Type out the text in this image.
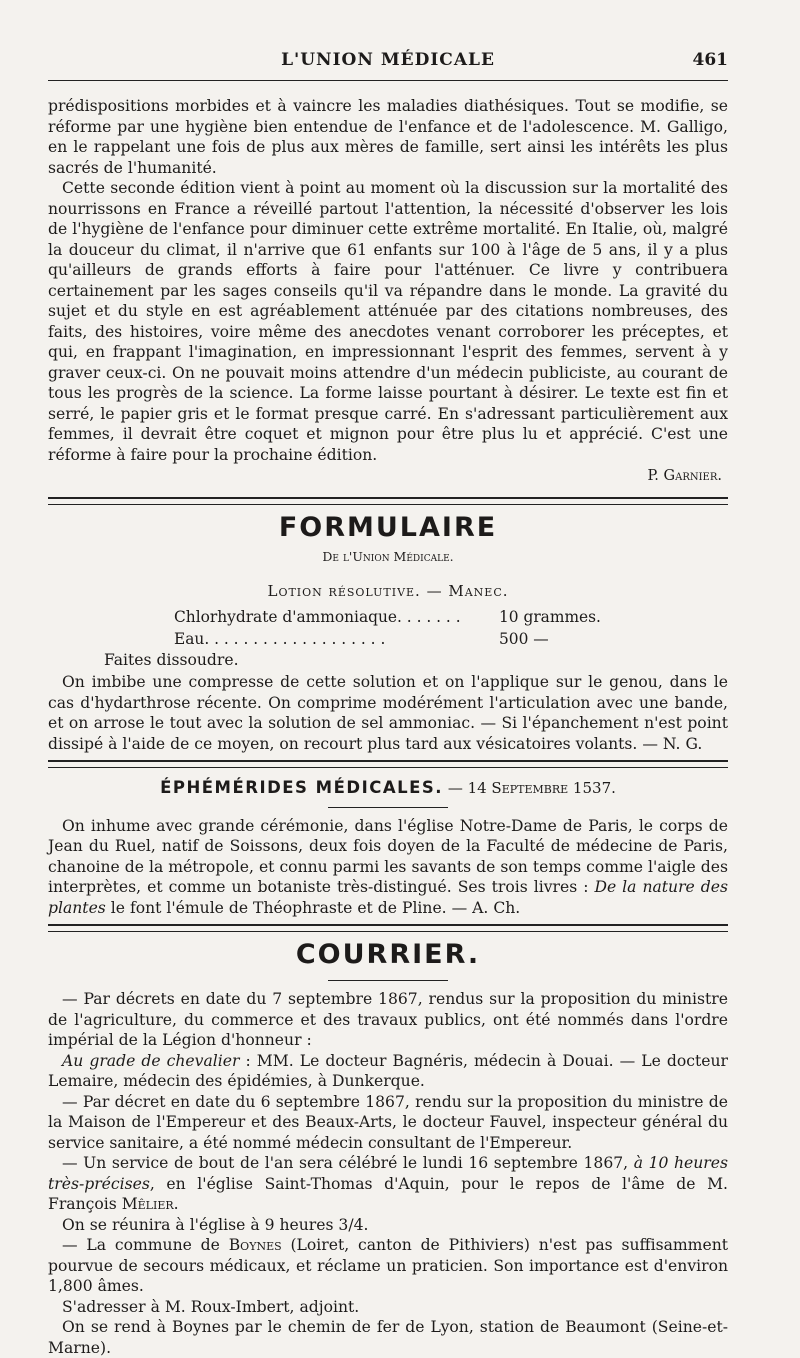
L'UNION MÉDICALE	461

prédispositions morbides et à vaincre les maladies diathésiques. Tout se modifie, se réforme par une hygiène bien entendue de l'enfance et de l'adolescence. M. Galligo, en le rappelant une fois de plus aux mères de famille, sert ainsi les intérêts les plus sacrés de l'humanité.

Cette seconde édition vient à point au moment où la discussion sur la mortalité des nourrissons en France a réveillé partout l'attention, la nécessité d'observer les lois de l'hygiène de l'enfance pour diminuer cette extrême mortalité. En Italie, où, malgré la douceur du climat, il n'arrive que 61 enfants sur 100 à l'âge de 5 ans, il y a plus qu'ailleurs de grands efforts à faire pour l'atténuer. Ce livre y contribuera certainement par les sages conseils qu'il va répandre dans le monde. La gravité du sujet et du style en est agréablement atténuée par des citations nombreuses, des faits, des histoires, voire même des anecdotes venant corroborer les préceptes, et qui, en frappant l'imagination, en impressionnant l'esprit des femmes, servent à y graver ceux-ci. On ne pouvait moins attendre d'un médecin publiciste, au courant de tous les progrès de la science. La forme laisse pourtant à désirer. Le texte est fin et serré, le papier gris et le format presque carré. En s'adressant particulièrement aux femmes, il devrait être coquet et mignon pour être plus lu et apprécié. C'est une réforme à faire pour la prochaine édition.

P. Garnier.
FORMULAIRE
De l'Union Médicale.
Lotion résolutive. — Manec.
Chlorhydrate d'ammoniaque. . . . . . .	10 grammes.
Eau. . . . . . . . . . . . . . . . . . .	500 —
Faites dissoudre.

On imbibe une compresse de cette solution et on l'applique sur le genou, dans le cas d'hydarthrose récente. On comprime modérément l'articulation avec une bande, et on arrose le tout avec la solution de sel ammoniac. — Si l'épanchement n'est point dissipé à l'aide de ce moyen, on recourt plus tard aux vésicatoires volants. — N. G.

ÉPHÉMÉRIDES MÉDICALES. — 14 Septembre 1537.

On inhume avec grande cérémonie, dans l'église Notre-Dame de Paris, le corps de Jean du Ruel, natif de Soissons, deux fois doyen de la Faculté de médecine de Paris, chanoine de la métropole, et connu parmi les savants de son temps comme l'aigle des interprètes, et comme un botaniste très-distingué. Ses trois livres : De la nature des plantes le font l'émule de Théophraste et de Pline. — A. Ch.

COURRIER.

— Par décrets en date du 7 septembre 1867, rendus sur la proposition du ministre de l'agriculture, du commerce et des travaux publics, ont été nommés dans l'ordre impérial de la Légion d'honneur :

Au grade de chevalier : MM. Le docteur Bagnéris, médecin à Douai. — Le docteur Lemaire, médecin des épidémies, à Dunkerque.

— Par décret en date du 6 septembre 1867, rendu sur la proposition du ministre de la Maison de l'Empereur et des Beaux-Arts, le docteur Fauvel, inspecteur général du service sanitaire, a été nommé médecin consultant de l'Empereur.

— Un service de bout de l'an sera célébré le lundi 16 septembre 1867, à 10 heures très-précises, en l'église Saint-Thomas d'Aquin, pour le repos de l'âme de M. François Mêlier.

On se réunira à l'église à 9 heures 3/4.

— La commune de Boynes (Loiret, canton de Pithiviers) n'est pas suffisamment pourvue de secours médicaux, et réclame un praticien. Son importance est d'environ 1,800 âmes.

S'adresser à M. Roux-Imbert, adjoint.

On se rend à Boynes par le chemin de fer de Lyon, station de Beaumont (Seine-et-Marne).
